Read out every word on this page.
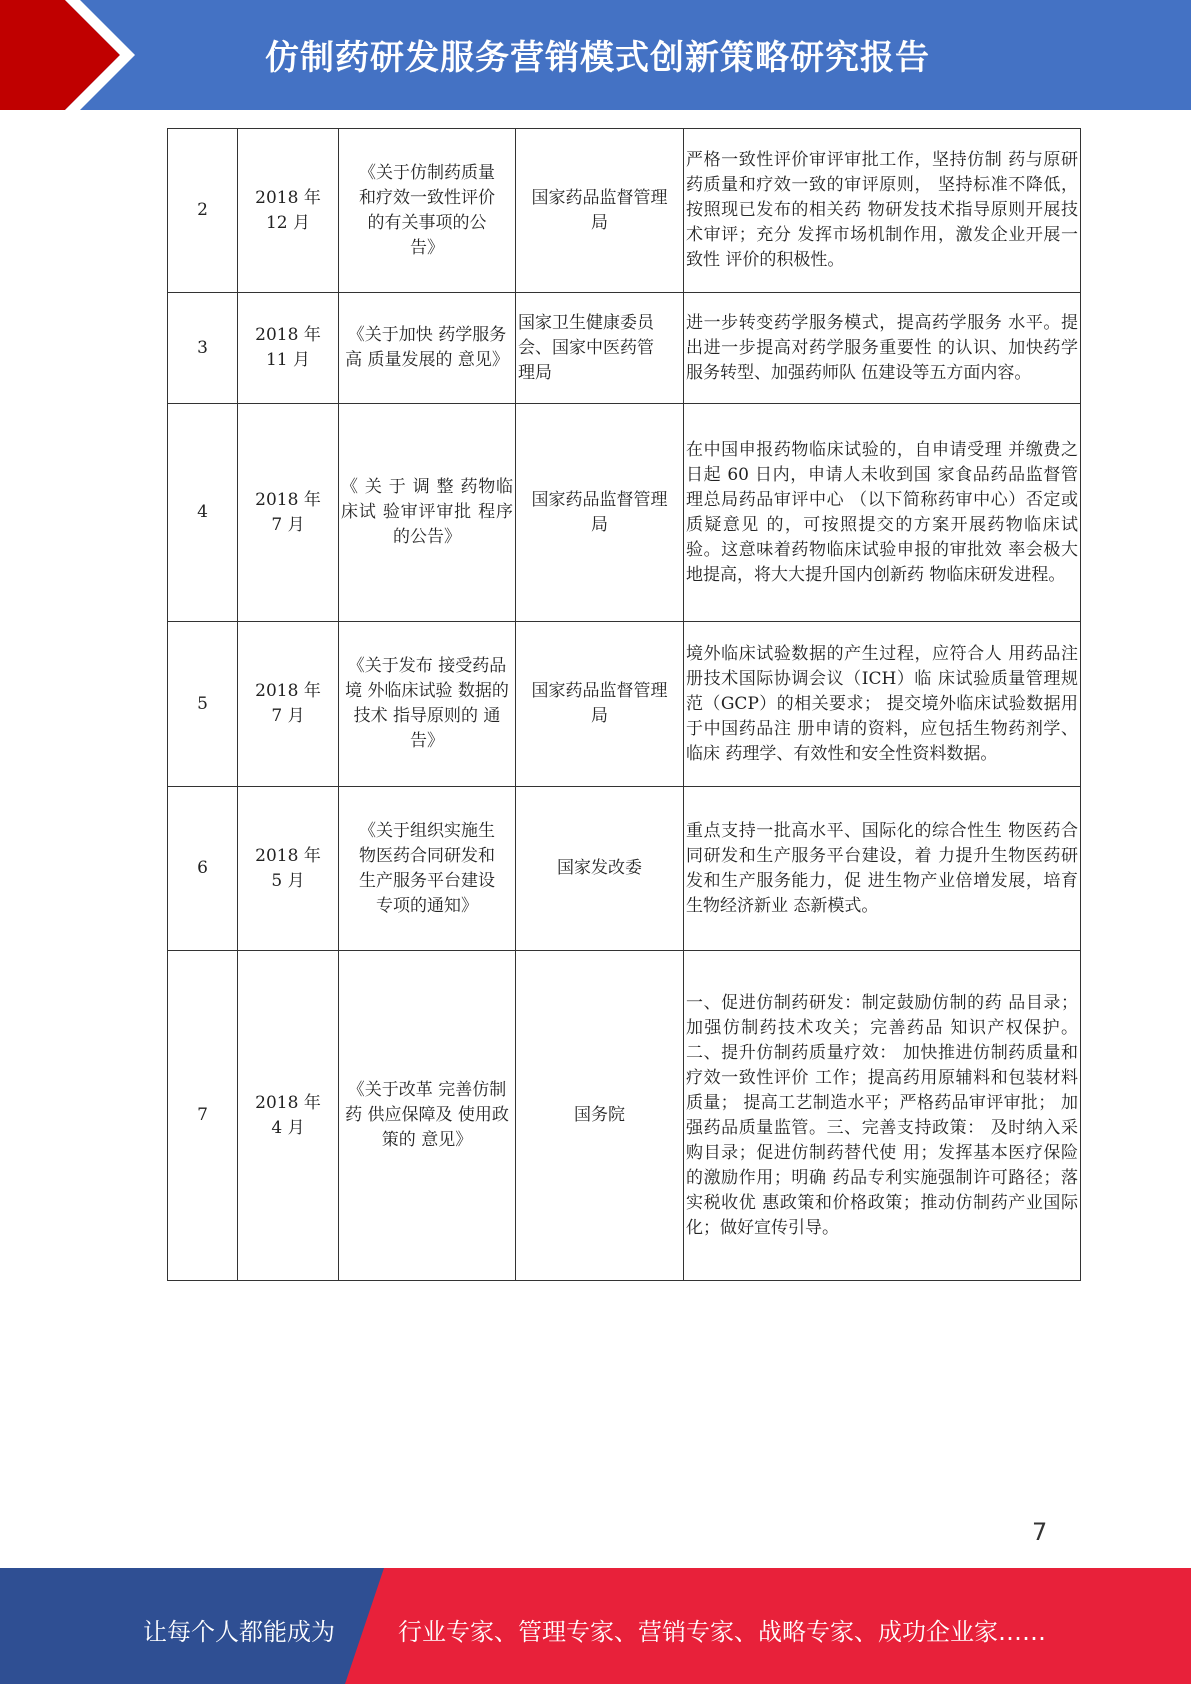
仿制药研发服务营销模式创新策略研究报告
2	2018 年 12 月	《关于仿制药质量和疗效一致性评价的有关事项的公告》	国家药品监督管理局	严格一致性评价审评审批工作，坚持仿制 药与原研药质量和疗效一致的审评原则， 坚持标准不降低，按照现已发布的相关药 物研发技术指导原则开展技术审评；充分 发挥市场机制作用，激发企业开展一致性 评价的积极性。
3	2018 年 11 月	《关于加快 药学服务高 质量发展的 意见》	国家卫生健康委员会、国家中医药管理局	进一步转变药学服务模式，提高药学服务 水平。提出进一步提高对药学服务重要性 的认识、加快药学服务转型、加强药师队 伍建设等五方面内容。
4	2018 年 7 月	《 关 于 调 整 药物临床试 验审评审批 程序的公告》	国家药品监督管理局	在中国申报药物临床试验的，自申请受理 并缴费之日起 60 日内，申请人未收到国 家食品药品监督管理总局药品审评中心 （以下简称药审中心）否定或质疑意见 的，可按照提交的方案开展药物临床试 验。这意味着药物临床试验申报的审批效 率会极大地提高，将大大提升国内创新药 物临床研发进程。
5	2018 年 7 月	《关于发布 接受药品境 外临床试验 数据的技术 指导原则的 通告》	国家药品监督管理局	境外临床试验数据的产生过程，应符合人 用药品注册技术国际协调会议（ICH）临 床试验质量管理规范（GCP）的相关要求； 提交境外临床试验数据用于中国药品注 册申请的资料，应包括生物药剂学、临床 药理学、有效性和安全性资料数据。
6	2018 年 5 月	《关于组织实施生物医药合同研发和生产服务平台建设专项的通知》	国家发改委	重点支持一批高水平、国际化的综合性生 物医药合同研发和生产服务平台建设，着 力提升生物医药研发和生产服务能力，促 进生物产业倍增发展，培育生物经济新业 态新模式。
7	2018 年 4 月	《关于改革 完善仿制药 供应保障及 使用政策的 意见》	国务院	一、促进仿制药研发：制定鼓励仿制的药 品目录；加强仿制药技术攻关；完善药品 知识产权保护。二、提升仿制药质量疗效： 加快推进仿制药质量和疗效一致性评价 工作；提高药用原辅料和包装材料质量； 提高工艺制造水平；严格药品审评审批； 加强药品质量监管。三、完善支持政策： 及时纳入采购目录；促进仿制药替代使 用；发挥基本医疗保险的激励作用；明确 药品专利实施强制许可路径；落实税收优 惠政策和价格政策；推动仿制药产业国际 化；做好宣传引导。
7
让每个人都能成为	行业专家、管理专家、营销专家、战略专家、成功企业家……
